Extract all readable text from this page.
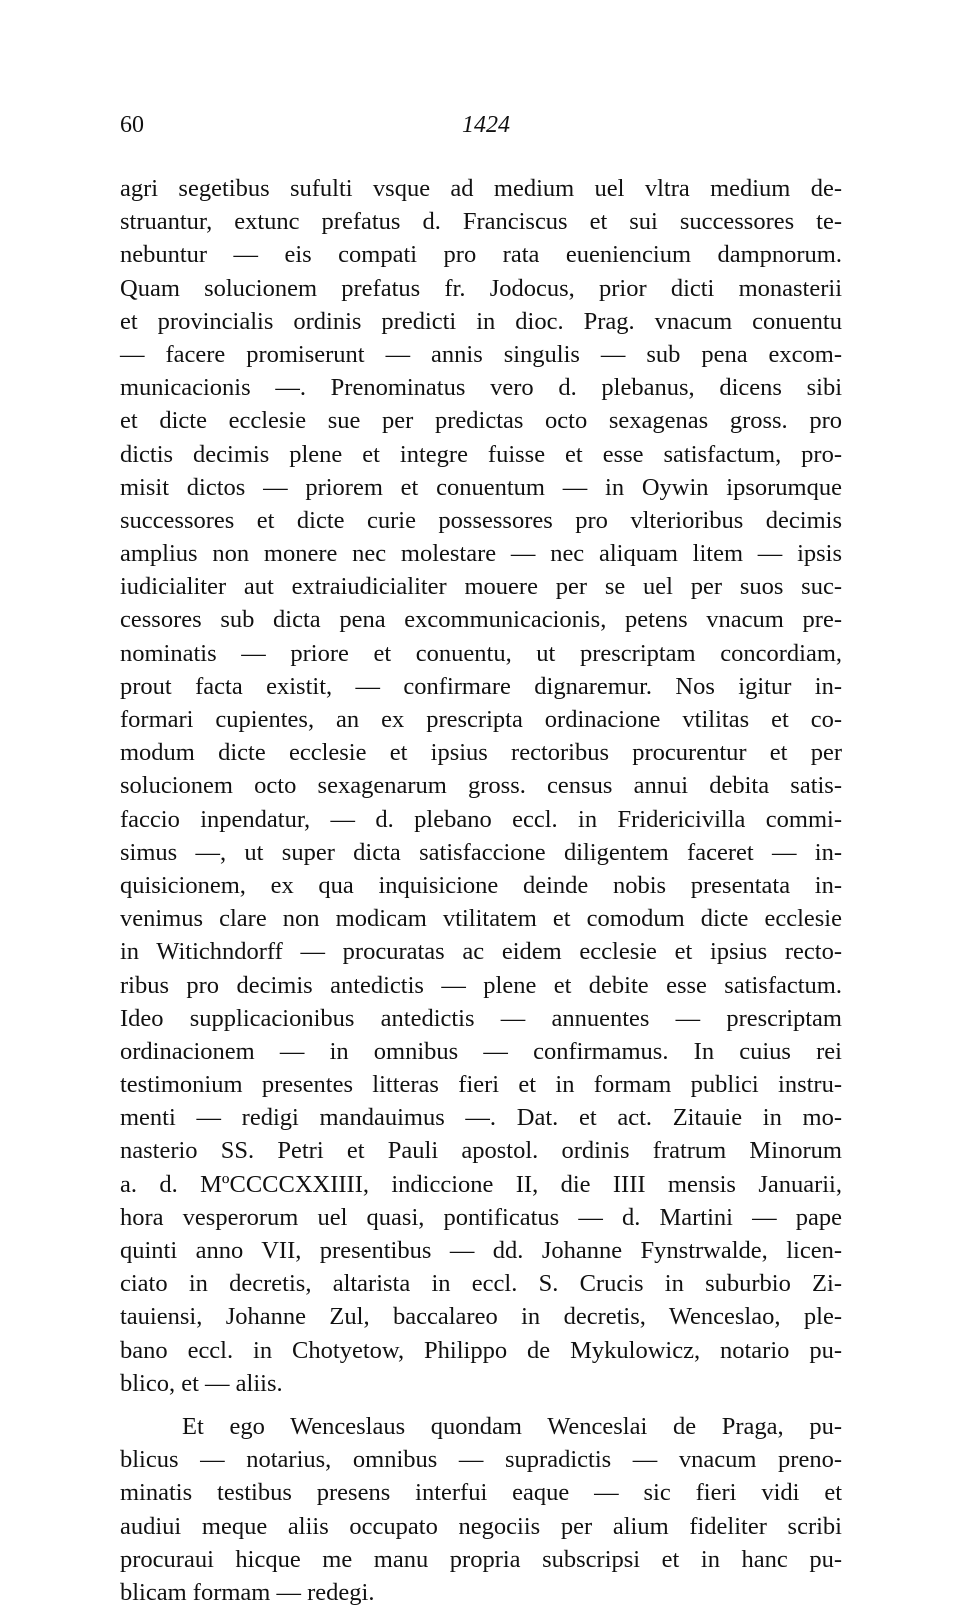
60	1424
agri segetibus sufulti vsque ad medium uel vltra medium de-
struantur, extunc prefatus d. Franciscus et sui successores te-
nebuntur — eis compati pro rata eueniencium dampnorum.
Quam solucionem prefatus fr. Jodocus, prior dicti monasterii
et provincialis ordinis predicti in dioc. Prag. vnacum conuentu
— facere promiserunt — annis singulis — sub pena excom-
municacionis —. Prenominatus vero d. plebanus, dicens sibi
et dicte ecclesie sue per predictas octo sexagenas gross. pro
dictis decimis plene et integre fuisse et esse satisfactum, pro-
misit dictos — priorem et conuentum — in Oywin ipsorumque
successores et dicte curie possessores pro vlterioribus decimis
amplius non monere nec molestare — nec aliquam litem — ipsis
iudicialiter aut extraiudicialiter mouere per se uel per suos suc-
cessores sub dicta pena excommunicacionis, petens vnacum pre-
nominatis — priore et conuentu, ut prescriptam concordiam,
prout facta existit, — confirmare dignaremur. Nos igitur in-
formari cupientes, an ex prescripta ordinacione vtilitas et co-
modum dicte ecclesie et ipsius rectoribus procurentur et per
solucionem octo sexagenarum gross. census annui debita satis-
faccio inpendatur, — d. plebano eccl. in Fridericivilla commi-
simus —, ut super dicta satisfaccione diligentem faceret — in-
quisicionem, ex qua inquisicione deinde nobis presentata in-
venimus clare non modicam vtilitatem et comodum dicte ecclesie
in Witichndorff — procuratas ac eidem ecclesie et ipsius recto-
ribus pro decimis antedictis — plene et debite esse satisfactum.
Ideo supplicacionibus antedictis — annuentes — prescriptam
ordinacionem — in omnibus — confirmamus. In cuius rei
testimonium presentes litteras fieri et in formam publici instru-
menti — redigi mandauimus —. Dat. et act. Zitauie in mo-
nasterio SS. Petri et Pauli apostol. ordinis fratrum Minorum
a. d. MºCCCCXXIIII, indiccione II, die IIII mensis Januarii,
hora vesperorum uel quasi, pontificatus — d. Martini — pape
quinti anno VII, presentibus — dd. Johanne Fynstrwalde, licen-
ciato in decretis, altarista in eccl. S. Crucis in suburbio Zi-
tauiensi, Johanne Zul, baccalareo in decretis, Wenceslao, ple-
bano eccl. in Chotyetow, Philippo de Mykulowicz, notario pu-
blico, et — aliis.
Et ego Wenceslaus quondam Wenceslai de Praga, pu-
blicus — notarius, omnibus — supradictis — vnacum preno-
minatis testibus presens interfui eaque — sic fieri vidi et
audiui meque aliis occupato negociis per alium fideliter scribi
procuraui hicque me manu propria subscripsi et in hanc pu-
blicam formam — redegi.
